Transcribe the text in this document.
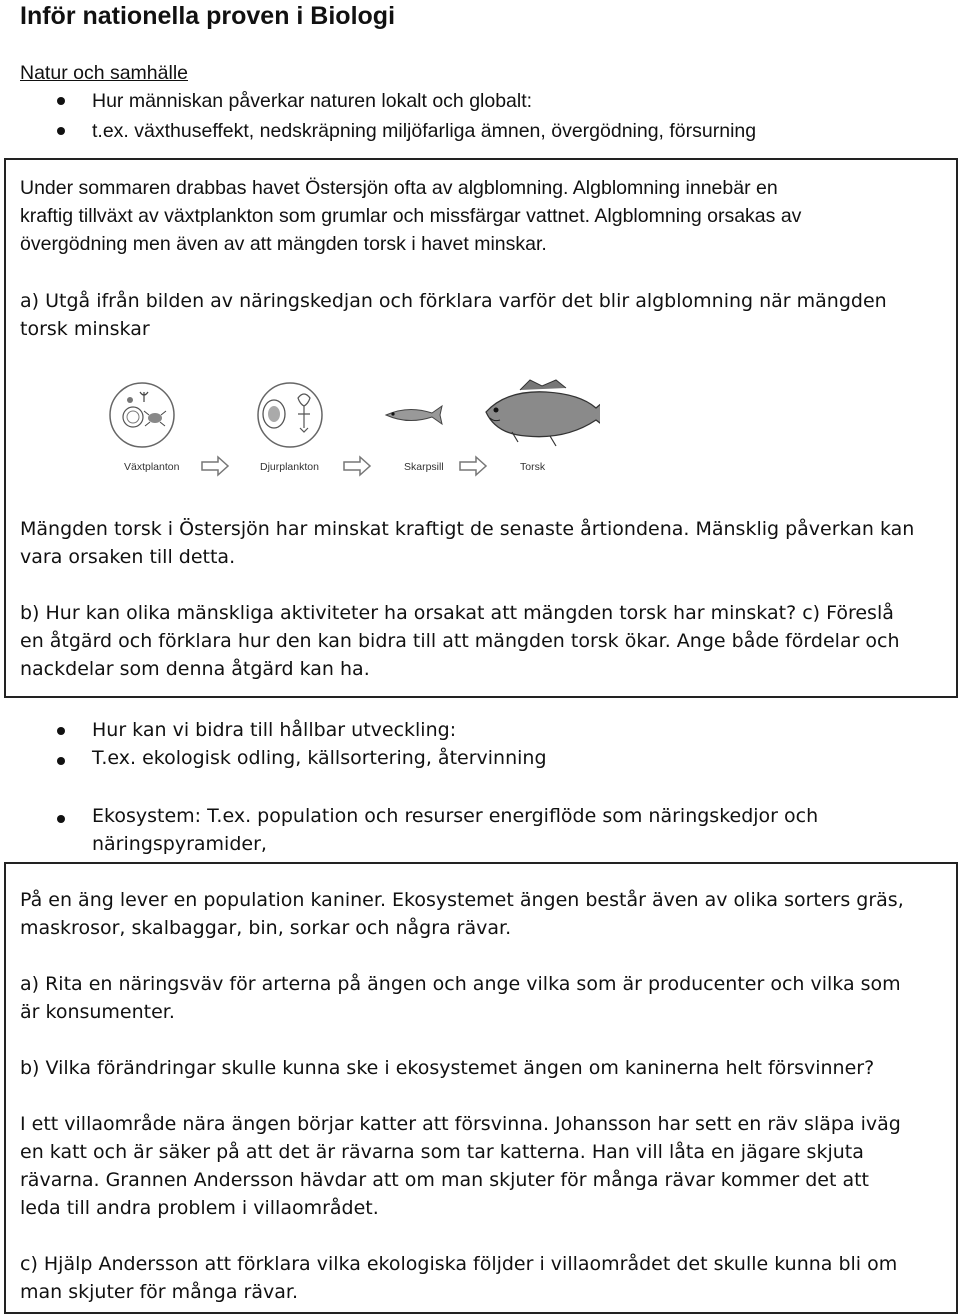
Inför nationella proven i Biologi
Natur och samhälle
Hur människan påverkar naturen lokalt och globalt:
t.ex. växthuseffekt, nedskräpning miljöfarliga ämnen, övergödning, försurning
Under sommaren drabbas havet Östersjön ofta av algblomning. Algblomning innebär en
kraftig tillväxt av växtplankton som grumlar och missfärgar vattnet. Algblomning orsakas av
övergödning men även av att mängden torsk i havet minskar.
a) Utgå ifrån bilden av näringskedjan och förklara varför det blir algblomning när mängden
torsk minskar
Växtplanton	Djurplankton	Skarpsill	Torsk
Mängden torsk i Östersjön har minskat kraftigt de senaste årtiondena. Mänsklig påverkan kan
vara orsaken till detta.
b) Hur kan olika mänskliga aktiviteter ha orsakat att mängden torsk har minskat? c) Föreslå
en åtgärd och förklara hur den kan bidra till att mängden torsk ökar. Ange både fördelar och
nackdelar som denna åtgärd kan ha.
Hur kan vi bidra till hållbar utveckling:
T.ex. ekologisk odling, källsortering, återvinning
Ekosystem: T.ex. population och resurser energiflöde som näringskedjor och
näringspyramider,
På en äng lever en population kaniner. Ekosystemet ängen består även av olika sorters gräs,
maskrosor, skalbaggar, bin, sorkar och några rävar.
a) Rita en näringsväv för arterna på ängen och ange vilka som är producenter och vilka som
är konsumenter.
b) Vilka förändringar skulle kunna ske i ekosystemet ängen om kaninerna helt försvinner?
I ett villaområde nära ängen börjar katter att försvinna. Johansson har sett en räv släpa iväg
en katt och är säker på att det är rävarna som tar katterna. Han vill låta en jägare skjuta
rävarna. Grannen Andersson hävdar att om man skjuter för många rävar kommer det att
leda till andra problem i villaområdet.
c) Hjälp Andersson att förklara vilka ekologiska följder i villaområdet det skulle kunna bli om
man skjuter för många rävar.
